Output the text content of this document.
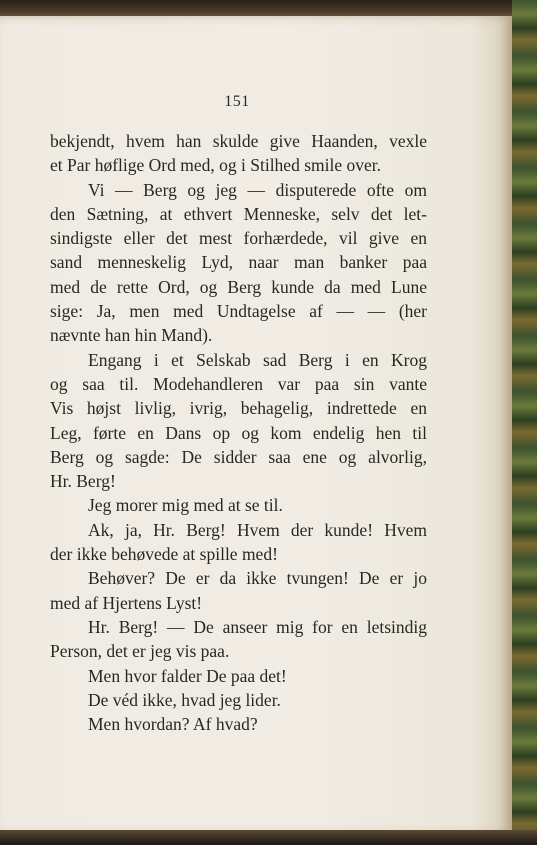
151
bekjendt, hvem han skulde give Haanden, vexle
et Par høflige Ord med, og i Stilhed smile over.
Vi — Berg og jeg — disputerede ofte om
den Sætning, at ethvert Menneske, selv det let-
sindigste eller det mest forhærdede, vil give en
sand menneskelig Lyd, naar man banker paa
med de rette Ord, og Berg kunde da med Lune
sige: Ja, men med Undtagelse af — — (her
nævnte han hin Mand).
Engang i et Selskab sad Berg i en Krog
og saa til. Modehandleren var paa sin vante
Vis højst livlig, ivrig, behagelig, indrettede en
Leg, førte en Dans op og kom endelig hen til
Berg og sagde: De sidder saa ene og alvorlig,
Hr. Berg!
Jeg morer mig med at se til.
Ak, ja, Hr. Berg! Hvem der kunde! Hvem
der ikke behøvede at spille med!
Behøver? De er da ikke tvungen! De er jo
med af Hjertens Lyst!
Hr. Berg! — De anseer mig for en letsindig
Person, det er jeg vis paa.
Men hvor falder De paa det!
De véd ikke, hvad jeg lider.
Men hvordan? Af hvad?
